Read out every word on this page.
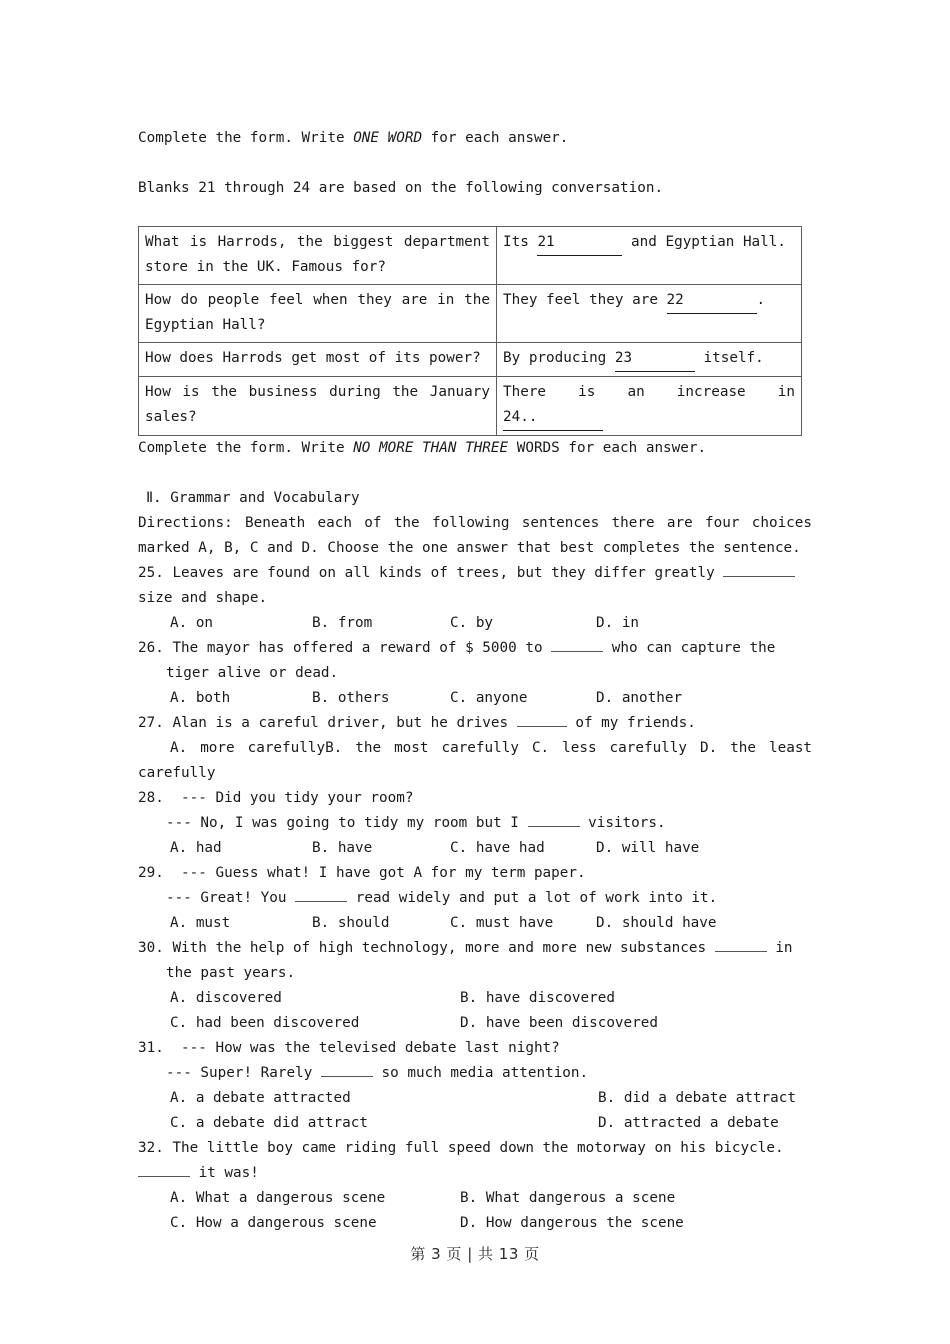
Complete the form. Write ONE WORD for each answer.
Blanks 21 through 24 are based on the following conversation.
What is Harrods, the biggest department store in the UK. Famous for?	Its 21 and Egyptian Hall.
How do people feel when they are in the Egyptian Hall?	They feel they are 22 .
How does Harrods get most of its power?	By producing 23 itself.
How is the business during the January sales?	There is an increase in 24..
Complete the form. Write NO MORE THAN THREE WORDS for each answer.
Ⅱ. Grammar and Vocabulary
Directions: Beneath each of the following sentences there are four choices marked A, B, C and D. Choose the one answer that best completes the sentence.
25. Leaves are found on all kinds of trees, but they differ greatly
size and shape.
A. on	B. from	C. by	D. in
26. The mayor has offered a reward of $ 5000 to	who can capture the
tiger alive or dead.
A. both	B. others	C. anyone	D. another
27. Alan is a careful driver, but he drives	of my friends.
A. more carefullyB. the most carefully C. less carefully D. the least carefully
28. --- Did you tidy your room?
--- No, I was going to tidy my room but I	visitors.
A. had	B. have	C. have had	D. will have
29. --- Guess what! I have got A for my term paper.
--- Great! You	read widely and put a lot of work into it.
A. must	B. should	C. must have	D. should have
30. With the help of high technology, more and more new substances	in
the past years.
A. discovered	B. have discovered
C. had been discovered	D. have been discovered
31. --- How was the televised debate last night?
--- Super! Rarely	so much media attention.
A. a debate attracted	B. did a debate attract
C. a debate did attract	D. attracted a debate
32. The little boy came riding full speed down the motorway on his bicycle.
it was!
A. What a dangerous scene	B. What dangerous a scene
C. How a dangerous scene	D. How dangerous the scene
第 3 页 | 共 13 页
